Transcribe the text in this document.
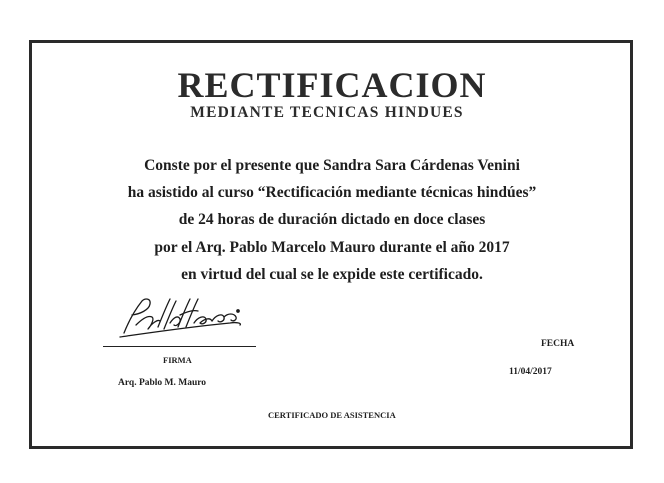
RECTIFICACION
MEDIANTE TECNICAS HINDUES
Conste por el presente que Sandra Sara Cárdenas Venini
ha asistido al curso “Rectificación mediante técnicas hindúes”
de 24 horas de duración dictado en doce clases
por el Arq. Pablo Marcelo Mauro durante el año 2017
en virtud del cual se le expide este certificado.
FIRMA
Arq. Pablo M. Mauro
FECHA
11/04/2017
CERTIFICADO DE ASISTENCIA
